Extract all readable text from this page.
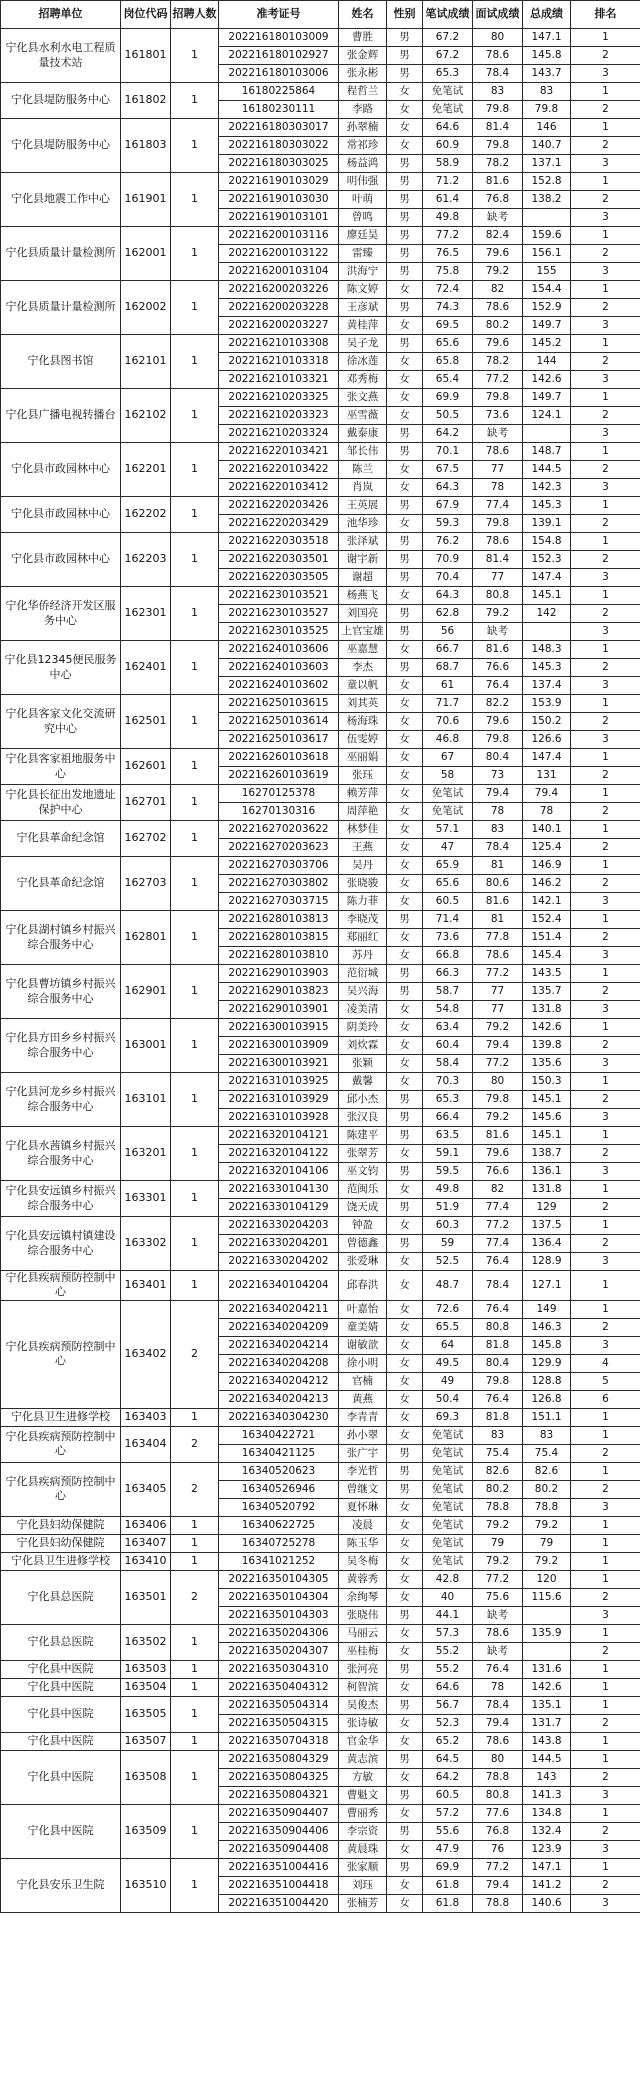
招聘单位	岗位代码	招聘人数	准考证号	姓名	性别	笔试成绩	面试成绩	总成绩	排名
宁化县水利水电工程质量技术站	161801	1	202216180103009	曹胜	男	67.2	80	147.1	1
			202216180102927	张金辉	男	67.2	78.6	145.8	2
			202216180103006	张永彬	男	65.3	78.4	143.7	3
宁化县堤防服务中心	161802	1	16180225864	程哲兰	女	免笔试	83	83	1
			16180230111	李路	女	免笔试	79.8	79.8	2
宁化县堤防服务中心	161803	1	202216180303017	孙翠楠	女	64.6	81.4	146	1
			202216180303022	常祁珍	女	60.9	79.8	140.7	2
			202216180303025	杨益鸿	男	58.9	78.2	137.1	3
宁化县地震工作中心	161901	1	202216190103029	明伟强	男	71.2	81.6	152.8	1
			202216190103030	叶萌	男	61.4	76.8	138.2	2
			202216190103101	曾鸣	男	49.8	缺考		3
宁化县质量计量检测所	162001	1	202216200103116	廖廷昊	男	77.2	82.4	159.6	1
			202216200103122	雷臻	男	76.5	79.6	156.1	2
			202216200103104	洪海宁	男	75.8	79.2	155	3
宁化县质量计量检测所	162002	1	202216200203226	陈文婷	女	72.4	82	154.4	1
			202216200203228	王彦斌	男	74.3	78.6	152.9	2
			202216200203227	黄桂萍	女	69.5	80.2	149.7	3
宁化县图书馆	162101	1	202216210103308	吴子龙	男	65.6	79.6	145.2	1
			202216210103318	徐冰莲	女	65.8	78.2	144	2
			202216210103321	邓秀梅	女	65.4	77.2	142.6	3
宁化县广播电视转播台	162102	1	202216210203325	张文燕	女	69.9	79.8	149.7	1
			202216210203323	巫雪薇	女	50.5	73.6	124.1	2
			202216210203324	戴泰康	男	64.2	缺考		3
宁化县市政园林中心	162201	1	202216220103421	邹长伟	男	70.1	78.6	148.7	1
			202216220103422	陈兰	女	67.5	77	144.5	2
			202216220103412	肖岚	女	64.3	78	142.3	3
宁化县市政园林中心	162202	1	202216220203426	王英展	男	67.9	77.4	145.3	1
			202216220203429	池华珍	女	59.3	79.8	139.1	2
宁化县市政园林中心	162203	1	202216220303518	张泽斌	男	76.2	78.6	154.8	1
			202216220303501	谢宇新	男	70.9	81.4	152.3	2
			202216220303505	谢超	男	70.4	77	147.4	3
宁化华侨经济开发区服务中心	162301	1	202216230103521	杨燕飞	女	64.3	80.8	145.1	1
			202216230103527	刘国亮	男	62.8	79.2	142	2
			202216230103525	上官宝雄	男	56	缺考		3
宁化县12345便民服务中心	162401	1	202216240103606	巫嘉慧	女	66.7	81.6	148.3	1
			202216240103603	李杰	男	68.7	76.6	145.3	2
			202216240103602	童以帆	女	61	76.4	137.4	3
宁化县客家文化交流研究中心	162501	1	202216250103615	刘其英	女	71.7	82.2	153.9	1
			202216250103614	杨海珠	女	70.6	79.6	150.2	2
			202216250103617	伍雯婷	女	46.8	79.8	126.6	3
宁化县客家祖地服务中心	162601	1	202216260103618	巫丽娟	女	67	80.4	147.4	1
			202216260103619	张珏	女	58	73	131	2
宁化县长征出发地遗址保护中心	162701	1	16270125378	赖芳萍	女	免笔试	79.4	79.4	1
			16270130316	周萍艳	女	免笔试	78	78	2
宁化县革命纪念馆	162702	1	202216270203622	林梦佳	女	57.1	83	140.1	1
			202216270203623	王燕	女	47	78.4	125.4	2
宁化县革命纪念馆	162703	1	202216270303706	吴丹	女	65.9	81	146.9	1
			202216270303802	张晓骏	女	65.6	80.6	146.2	2
			202216270303715	陈力菲	女	60.5	81.6	142.1	3
宁化县湖村镇乡村振兴综合服务中心	162801	1	202216280103813	李晓茂	男	71.4	81	152.4	1
			202216280103815	郑丽红	女	73.6	77.8	151.4	2
			202216280103810	苏丹	女	66.8	78.6	145.4	3
宁化县曹坊镇乡村振兴综合服务中心	162901	1	202216290103903	范衍城	男	66.3	77.2	143.5	1
			202216290103823	吴兴海	男	58.7	77	135.7	2
			202216290103901	凌美清	女	54.8	77	131.8	3
宁化县方田乡乡村振兴综合服务中心	163001	1	202216300103915	阴美玲	女	63.4	79.2	142.6	1
			202216300103909	刘炊霖	女	60.4	79.4	139.8	2
			202216300103921	张颖	女	58.4	77.2	135.6	3
宁化县河龙乡乡村振兴综合服务中心	163101	1	202216310103925	戴馨	女	70.3	80	150.3	1
			202216310103929	邱小杰	男	65.3	79.8	145.1	2
			202216310103928	张汉良	男	66.4	79.2	145.6	3
宁化县水茜镇乡村振兴综合服务中心	163201	1	202216320104121	陈建平	男	63.5	81.6	145.1	1
			202216320104122	张翠芳	女	59.1	79.6	138.7	2
			202216320104106	巫文钧	男	59.5	76.6	136.1	3
宁化县安远镇乡村振兴综合服务中心	163301	1	202216330104130	范闽乐	女	49.8	82	131.8	1
			202216330104129	饶天成	男	51.9	77.4	129	2
宁化县安远镇村镇建设综合服务中心	163302	1	202216330204203	钟盈	女	60.3	77.2	137.5	1
			202216330204201	曾德鑫	男	59	77.4	136.4	2
			202216330204202	张爱琳	女	52.5	76.4	128.9	3
宁化县疾病预防控制中心	163401	1	202216340104204	邱春洪	女	48.7	78.4	127.1	1
宁化县疾病预防控制中心	163402	2	202216340204211	叶嘉怡	女	72.6	76.4	149	1
			202216340204209	童美婧	女	65.5	80.8	146.3	2
			202216340204214	谢敏歆	女	64	81.8	145.8	3
			202216340204208	徐小明	女	49.5	80.4	129.9	4
			202216340204212	官楠	女	49	79.8	128.8	5
			202216340204213	黄燕	女	50.4	76.4	126.8	6
宁化县卫生进修学校	163403	1	202216340304230	李青青	女	69.3	81.8	151.1	1
宁化县疾病预防控制中心	163404	2	16340422721	孙小翠	女	免笔试	83	83	1
			16340421125	张广宇	男	免笔试	75.4	75.4	2
宁化县疾病预防控制中心	163405	2	16340520623	李光哲	男	免笔试	82.6	82.6	1
			16340526946	曾继文	男	免笔试	80.2	80.2	2
			16340520792	夏怀琳	女	免笔试	78.8	78.8	3
宁化县妇幼保健院	163406	1	16340622725	凌晨	女	免笔试	79.2	79.2	1
宁化县妇幼保健院	163407	1	16340725278	陈玉华	女	免笔试	79	79	1
宁化县卫生进修学校	163410	1	16341021252	吴冬梅	女	免笔试	79.2	79.2	1
宁化县总医院	163501	2	202216350104305	黄蓉秀	女	42.8	77.2	120	1
			202216350104304	余绚琴	女	40	75.6	115.6	2
			202216350104303	张晓伟	男	44.1	缺考		3
宁化县总医院	163502	1	202216350204306	马丽云	女	57.3	78.6	135.9	1
			202216350204307	巫桂梅	女	55.2	缺考		2
宁化县中医院	163503	1	202216350304310	张河亮	男	55.2	76.4	131.6	1
宁化县中医院	163504	1	202216350404312	柯智滨	女	64.6	78	142.6	1
宁化县中医院	163505	1	202216350504314	吴俊杰	男	56.7	78.4	135.1	1
			202216350504315	张诗敏	女	52.3	79.4	131.7	2
宁化县中医院	163507	1	202216350704318	官金华	女	65.2	78.6	143.8	1
宁化县中医院	163508	1	202216350804329	黄志滨	男	64.5	80	144.5	1
			202216350804325	方敏	女	64.2	78.8	143	2
			202216350804321	曹魁文	男	60.5	80.8	141.3	3
宁化县中医院	163509	1	202216350904407	曹丽秀	女	57.2	77.6	134.8	1
			202216350904406	李宗资	男	55.6	76.8	132.4	2
			202216350904408	黄晨珠	女	47.9	76	123.9	3
宁化县安乐卫生院	163510	1	202216351004416	张家顺	男	69.9	77.2	147.1	1
			202216351004418	刘珏	女	61.8	79.4	141.2	2
			202216351004420	张楠芳	女	61.8	78.8	140.6	3
